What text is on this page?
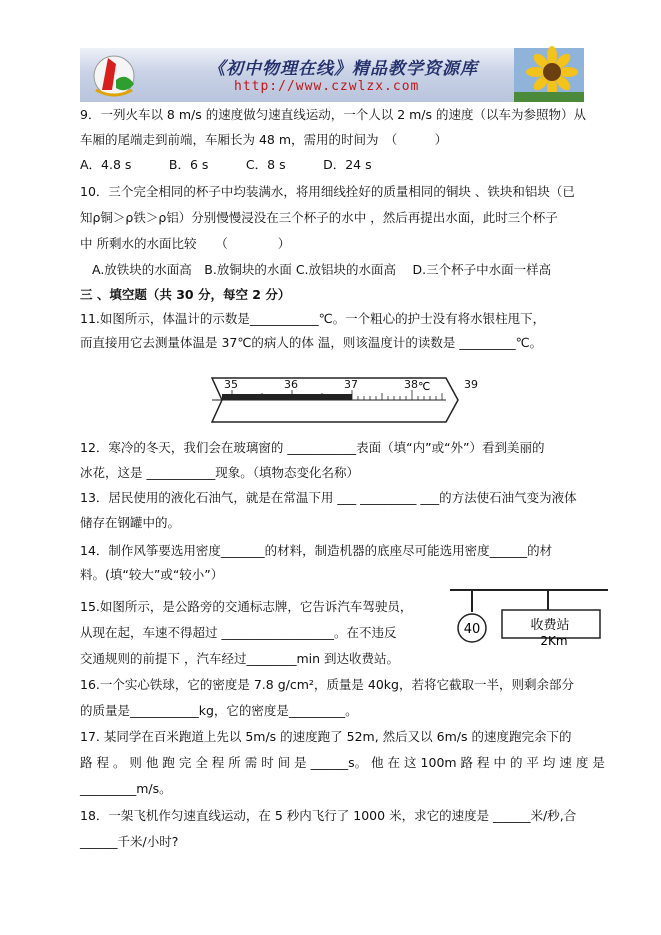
《初中物理在线》精品教学资源库
http://www.czwlzx.com
9．一列火车以 8 m/s 的速度做匀速直线运动，一个人以 2 m/s 的速度（以车为参照物）从
车厢的尾端走到前端，车厢长为 48 m，需用的时间为　（　　　）
A．4.8 s　　　B．6 s　　　C．8 s　　　D．24 s
10．三个完全相同的杯子中均装满水，将用细线拴好的质量相同的铜块 、铁块和铝块（已
知ρ铜＞ρ铁＞ρ铝）分别慢慢浸没在三个杯子的水中 ，然后再提出水面，此时三个杯子
中 所剩水的水面比较　　（　　　　）
A.放铁块的水面高　B.放铜块的水面 C.放铝块的水面高　 D.三个杯子中水面一样高
三 、填空题（共 30 分，每空 2 分）
11.如图所示，体温计的示数是___________℃。一个粗心的护士没有将水银柱甩下，
而直接用它去测量体温是 37℃的病人的体 温，则该温度计的读数是 _________℃。
35	36	37	38	39
℃
12．寒冷的冬天，我们会在玻璃窗的 ___________表面（填“内”或“外”）看到美丽的
冰花，这是 ___________现象。（填物态变化名称）
13．居民使用的液化石油气，就是在常温下用 ___ _________ ___的方法使石油气变为液体
储存在钢罐中的。
14．制作风筝要选用密度_______的材料，制造机器的底座尽可能选用密度______的材
料。(填“较大”或“较小”）
15.如图所示，是公路旁的交通标志牌，它告诉汽车驾驶员，
从现在起，车速不得超过 __________________。在不违反
交通规则的前提下 ，汽车经过________min 到达收费站。
40	收费站
2Km
16.一个实心铁球，它的密度是 7.8 g/cm²，质量是 40kg，若将它截取一半，则剩余部分
的质量是___________kg，它的密度是_________。
17. 某同学在百米跑道上先以 5m/s 的速度跑了 52m, 然后又以 6m/s 的速度跑完余下的
路 程 。 则 他 跑 完 全 程 所 需 时 间 是 ______s。 他 在 这 100m 路 程 中 的 平 均 速 度 是
_________m/s。
18．一架飞机作匀速直线运动，在 5 秒内飞行了 1000 米，求它的速度是 ______米/秒,合
______千米/小时?
